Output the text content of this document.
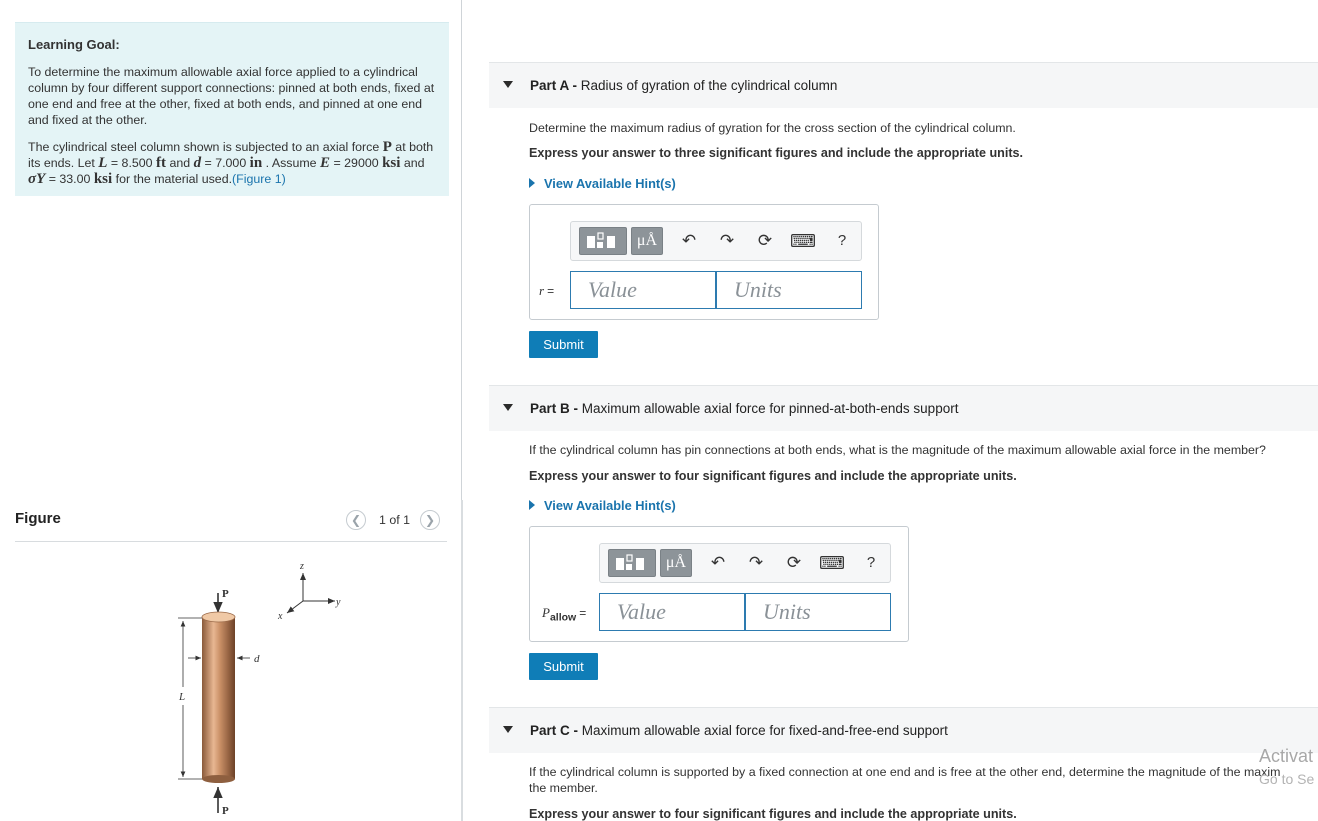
Learning Goal:

To determine the maximum allowable axial force applied to a cylindrical column by four different support connections: pinned at both ends, fixed at one end and free at the other, fixed at both ends, and pinned at one end and fixed at the other.

The cylindrical steel column shown is subjected to an axial force P at both its ends. Let L = 8.500 ft and d = 7.000 in . Assume E = 29000 ksi and σY = 33.00 ksi for the material used.(Figure 1)

Figure	❮ 1 of 1 ❯
z
y
x
P
P
L
d
Part A - Radius of gyration of the cylindrical column
Determine the maximum radius of gyration for the cross section of the cylindrical column.
Express your answer to three significant figures and include the appropriate units.
View Available Hint(s)
μÅ	↶ ↷ ⟳ ⌨	?
r =	Value	Units
Submit
Part B - Maximum allowable axial force for pinned-at-both-ends support
If the cylindrical column has pin connections at both ends, what is the magnitude of the maximum allowable axial force in the member?
Express your answer to four significant figures and include the appropriate units.
View Available Hint(s)
μÅ	↶ ↷ ⟳ ⌨	?
$P_{allow}$ =	Value	Units
Submit
Part C - Maximum allowable axial force for fixed-and-free-end support
If the cylindrical column is supported by a fixed connection at one end and is free at the other end, determine the magnitude of the maxim
the member.
Express your answer to four significant figures and include the appropriate units.
Activat
Go to Se
